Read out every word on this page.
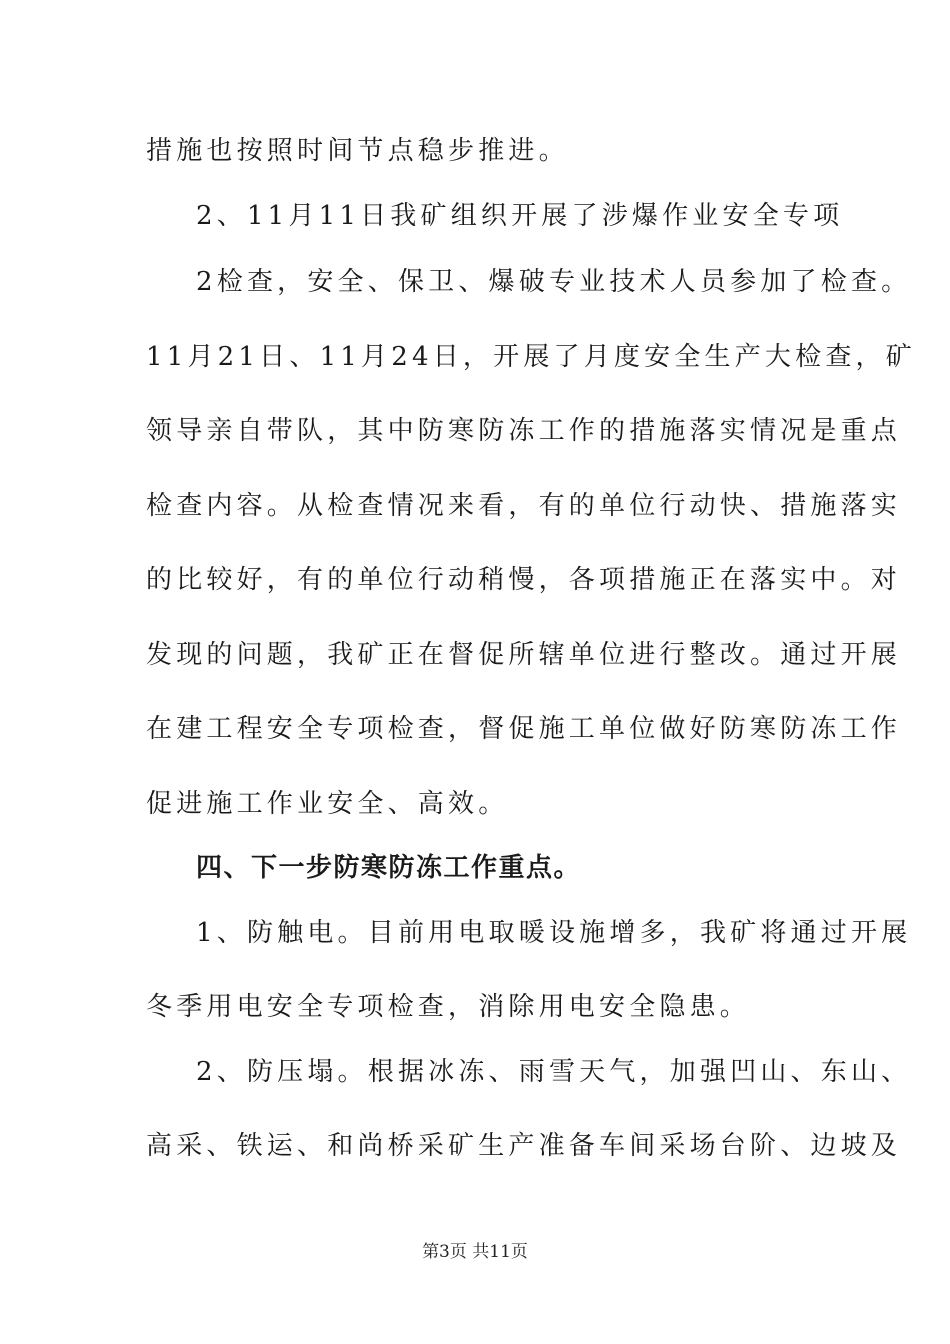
措施也按照时间节点稳步推进。
2、11月11日我矿组织开展了涉爆作业安全专项
2检查，安全、保卫、爆破专业技术人员参加了检查。
11月21日、11月24日，开展了月度安全生产大检查，矿
领导亲自带队，其中防寒防冻工作的措施落实情况是重点
检查内容。从检查情况来看，有的单位行动快、措施落实
的比较好，有的单位行动稍慢，各项措施正在落实中。对
发现的问题，我矿正在督促所辖单位进行整改。通过开展
在建工程安全专项检查，督促施工单位做好防寒防冻工作
促进施工作业安全、高效。
四、下一步防寒防冻工作重点。
1、防触电。目前用电取暖设施增多，我矿将通过开展
冬季用电安全专项检查，消除用电安全隐患。
2、防压塌。根据冰冻、雨雪天气，加强凹山、东山、
高采、铁运、和尚桥采矿生产准备车间采场台阶、边坡及
第3页 共11页
